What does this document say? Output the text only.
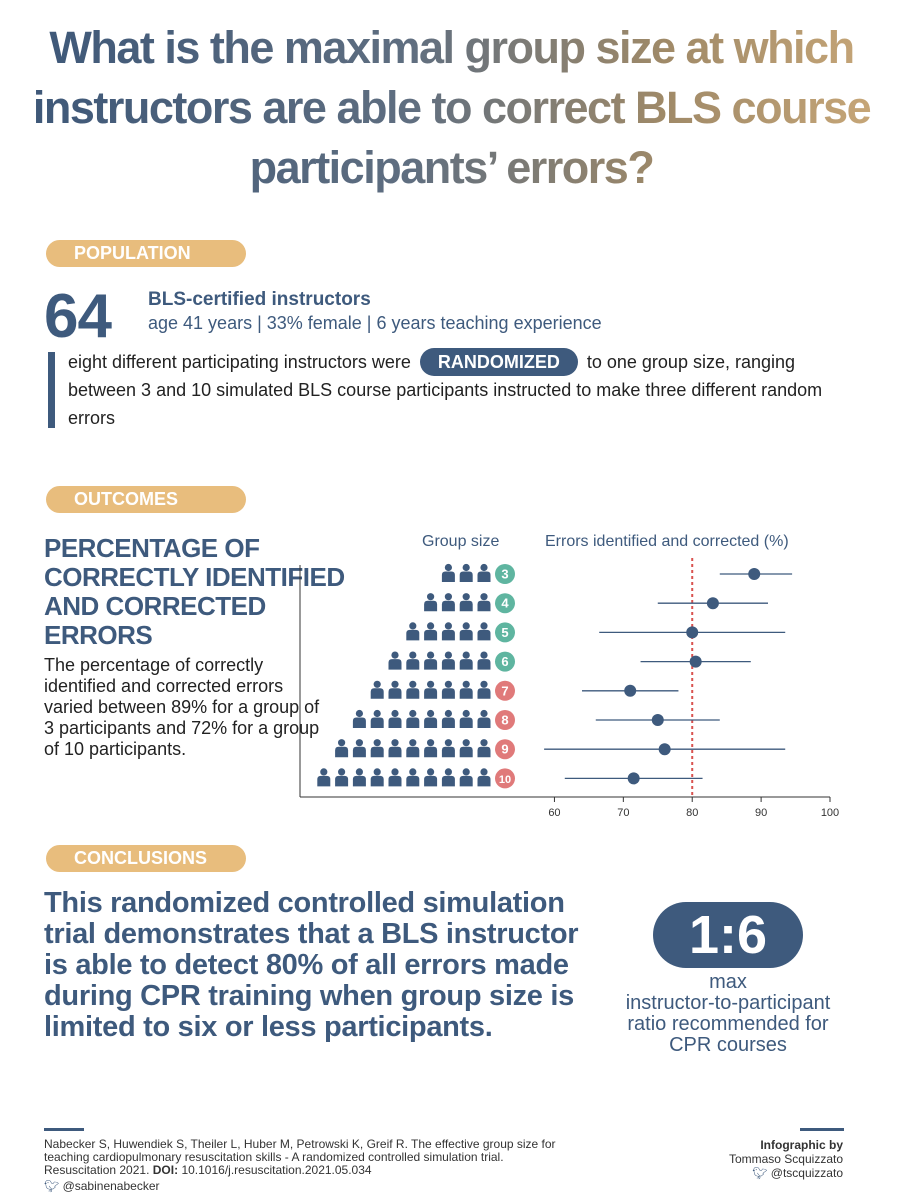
What is the maximal group size at which instructors are able to correct BLS course participants’ errors?
POPULATION
64 BLS-certified instructors
age 41 years | 33% female | 6 years teaching experience
eight different participating instructors were RANDOMIZED to one group size, ranging between 3 and 10 simulated BLS course participants instructed to make three different random errors
OUTCOMES
PERCENTAGE OF
CORRECTLY IDENTIFIED
AND CORRECTED
ERRORS
The percentage of correctly identified and corrected errors varied between 89% for a group of 3 participants and 72% for a group of 10 participants.
Group size	Errors identified and corrected (%)
60	70	80	90	100
3
4
5
6
7
8
9
10
CONCLUSIONS
This randomized controlled simulation trial demonstrates that a BLS instructor is able to detect 80% of all errors made during CPR training when group size is limited to six or less participants.
1:6
max
instructor-to-participant
ratio recommended for
CPR courses
Nabecker S, Huwendiek S, Theiler L, Huber M, Petrowski K, Greif R. The effective group size for teaching cardiopulmonary resuscitation skills - A randomized controlled simulation trial. Resuscitation 2021. DOI: 10.1016/j.resuscitation.2021.05.034
🐦︎ @sabinenabecker
Infographic by
Tommaso Scquizzato
🐦︎ @tscquizzato
